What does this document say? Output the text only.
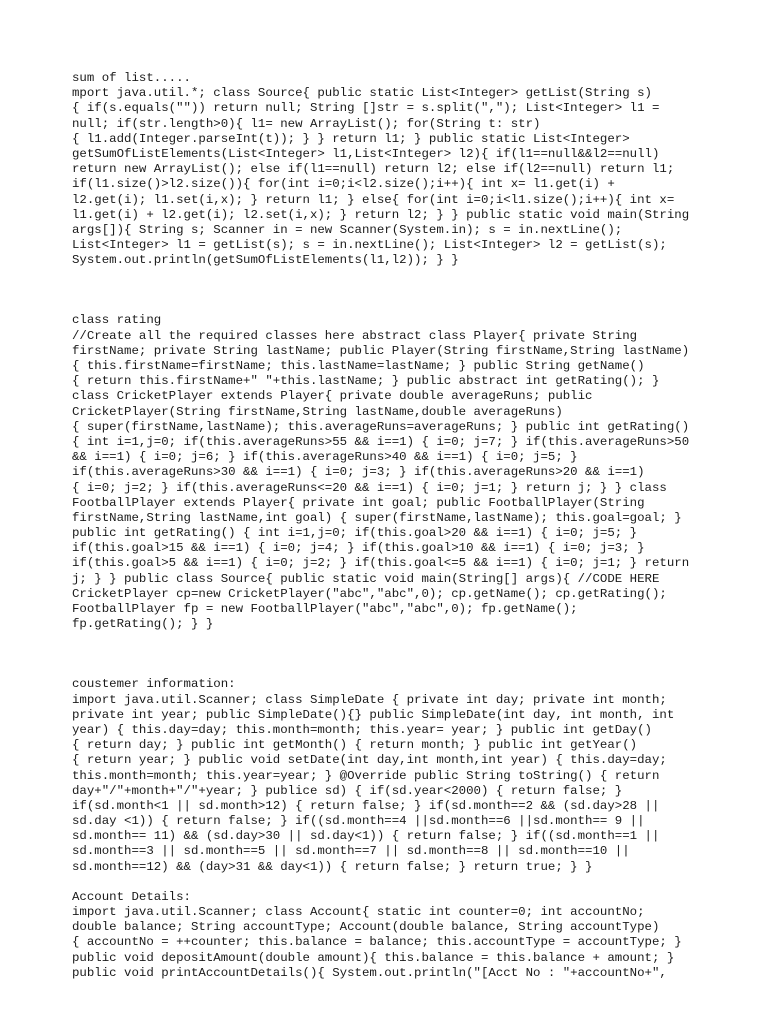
sum of list.....
mport java.util.*; class Source{ public static List<Integer> getList(String s)
{ if(s.equals("")) return null; String []str = s.split(","); List<Integer> l1 =
null; if(str.length>0){ l1= new ArrayList(); for(String t: str)
{ l1.add(Integer.parseInt(t)); } } return l1; } public static List<Integer>
getSumOfListElements(List<Integer> l1,List<Integer> l2){ if(l1==null&&l2==null)
return new ArrayList(); else if(l1==null) return l2; else if(l2==null) return l1;
if(l1.size()>l2.size()){ for(int i=0;i<l2.size();i++){ int x= l1.get(i) +
l2.get(i); l1.set(i,x); } return l1; } else{ for(int i=0;i<l1.size();i++){ int x=
l1.get(i) + l2.get(i); l2.set(i,x); } return l2; } } public static void main(String
args[]){ String s; Scanner in = new Scanner(System.in); s = in.nextLine();
List<Integer> l1 = getList(s); s = in.nextLine(); List<Integer> l2 = getList(s);
System.out.println(getSumOfListElements(l1,l2)); } }
class rating
//Create all the required classes here abstract class Player{ private String
firstName; private String lastName; public Player(String firstName,String lastName)
{ this.firstName=firstName; this.lastName=lastName; } public String getName()
{ return this.firstName+" "+this.lastName; } public abstract int getRating(); }
class CricketPlayer extends Player{ private double averageRuns; public
CricketPlayer(String firstName,String lastName,double averageRuns)
{ super(firstName,lastName); this.averageRuns=averageRuns; } public int getRating()
{ int i=1,j=0; if(this.averageRuns>55 && i==1) { i=0; j=7; } if(this.averageRuns>50
&& i==1) { i=0; j=6; } if(this.averageRuns>40 && i==1) { i=0; j=5; }
if(this.averageRuns>30 && i==1) { i=0; j=3; } if(this.averageRuns>20 && i==1)
{ i=0; j=2; } if(this.averageRuns<=20 && i==1) { i=0; j=1; } return j; } } class
FootballPlayer extends Player{ private int goal; public FootballPlayer(String
firstName,String lastName,int goal) { super(firstName,lastName); this.goal=goal; }
public int getRating() { int i=1,j=0; if(this.goal>20 && i==1) { i=0; j=5; }
if(this.goal>15 && i==1) { i=0; j=4; } if(this.goal>10 && i==1) { i=0; j=3; }
if(this.goal>5 && i==1) { i=0; j=2; } if(this.goal<=5 && i==1) { i=0; j=1; } return
j; } } public class Source{ public static void main(String[] args){ //CODE HERE
CricketPlayer cp=new CricketPlayer("abc","abc",0); cp.getName(); cp.getRating();
FootballPlayer fp = new FootballPlayer("abc","abc",0); fp.getName();
fp.getRating(); } }
coustemer information:
import java.util.Scanner; class SimpleDate { private int day; private int month;
private int year; public SimpleDate(){} public SimpleDate(int day, int month, int
year) { this.day=day; this.month=month; this.year= year; } public int getDay()
{ return day; } public int getMonth() { return month; } public int getYear()
{ return year; } public void setDate(int day,int month,int year) { this.day=day;
this.month=month; this.year=year; } @Override public String toString() { return
day+"/"+month+"/"+year; } publice sd) { if(sd.year<2000) { return false; }
if(sd.month<1 || sd.month>12) { return false; } if(sd.month==2 && (sd.day>28 ||
sd.day <1)) { return false; } if((sd.month==4 ||sd.month==6 ||sd.month== 9 ||
sd.month== 11) && (sd.day>30 || sd.day<1)) { return false; } if((sd.month==1 ||
sd.month==3 || sd.month==5 || sd.month==7 || sd.month==8 || sd.month==10 ||
sd.month==12) && (day>31 && day<1)) { return false; } return true; } }
Account Details:
import java.util.Scanner; class Account{ static int counter=0; int accountNo;
double balance; String accountType; Account(double balance, String accountType)
{ accountNo = ++counter; this.balance = balance; this.accountType = accountType; }
public void depositAmount(double amount){ this.balance = this.balance + amount; }
public void printAccountDetails(){ System.out.println("[Acct No : "+accountNo+",
